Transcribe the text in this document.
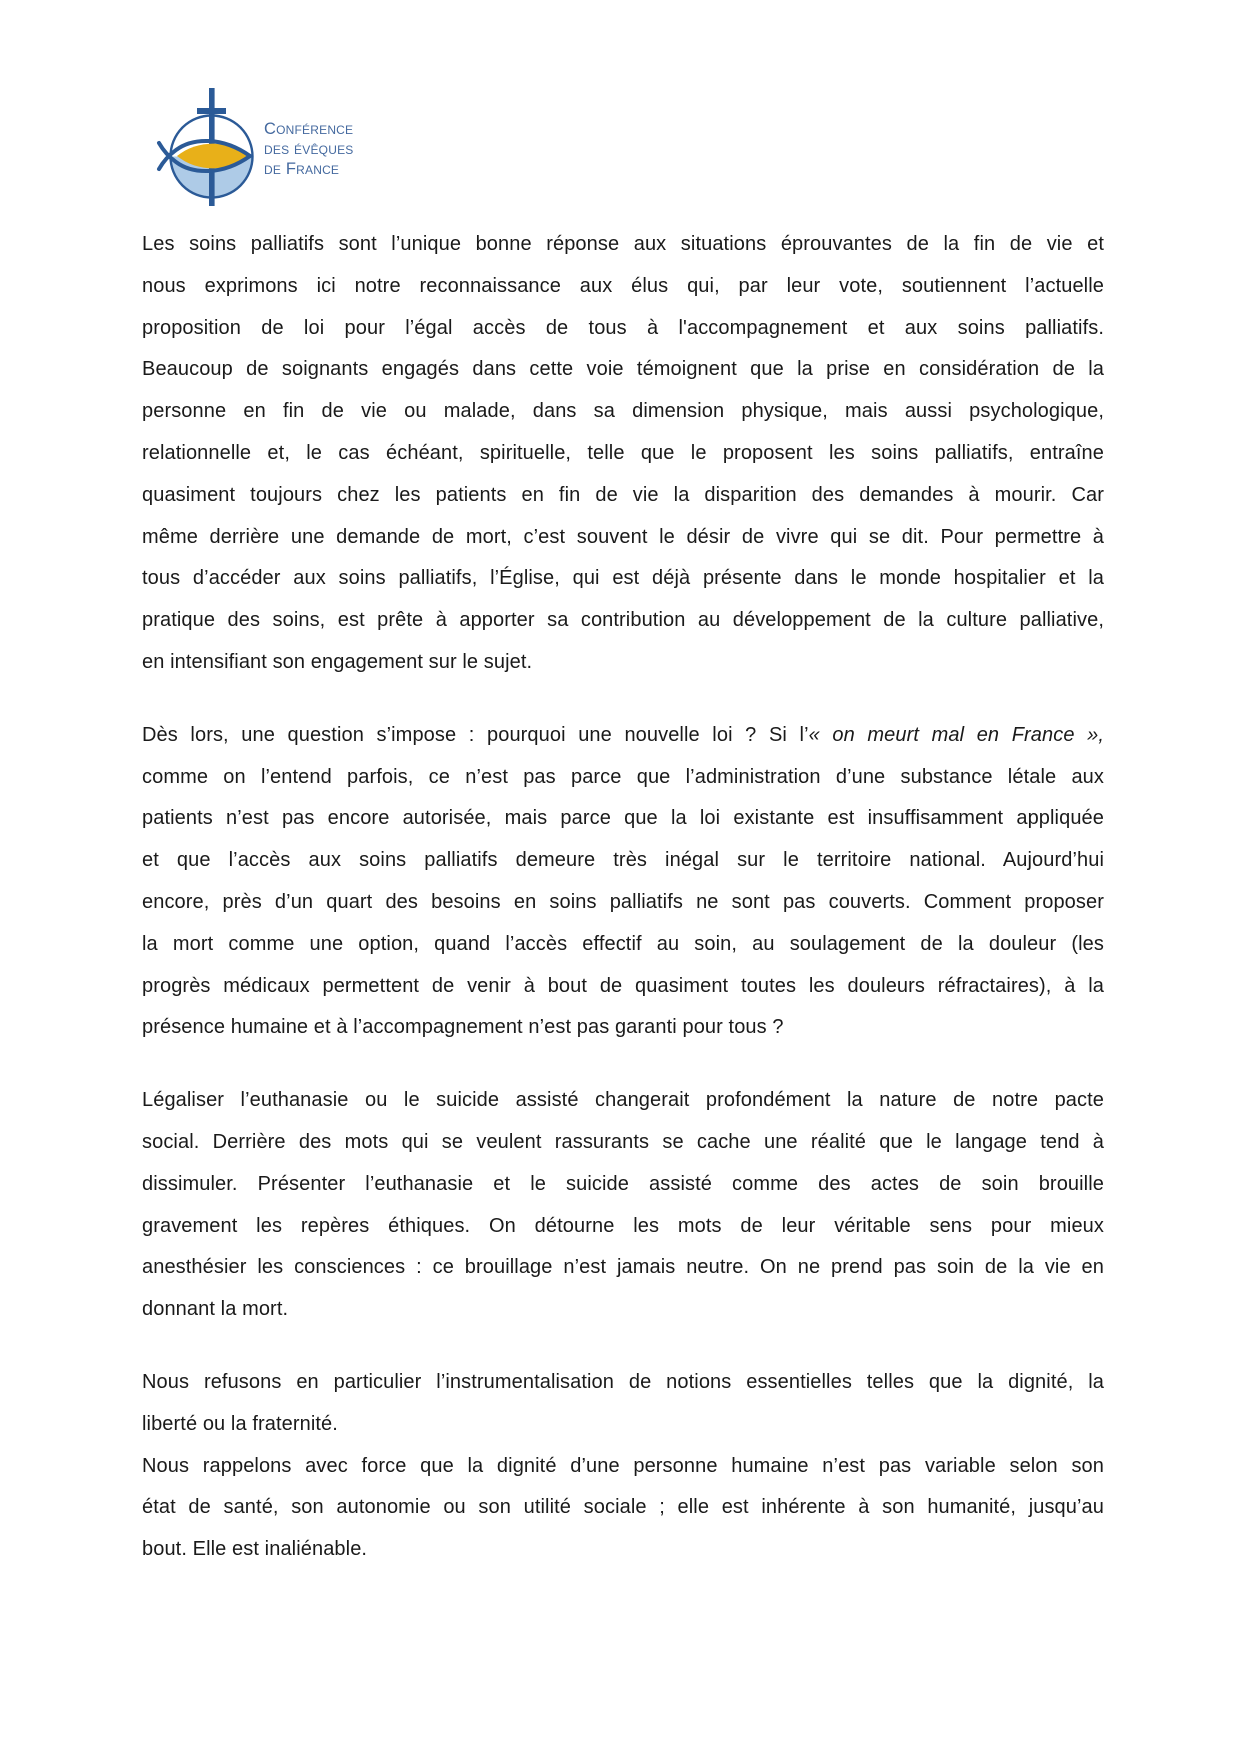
Conférence
des évêques
de France
Les soins palliatifs sont l’unique bonne réponse aux situations éprouvantes de la fin de vie et
nous exprimons ici notre reconnaissance aux élus qui, par leur vote, soutiennent l’actuelle
proposition de loi pour l’égal accès de tous à l'accompagnement et aux soins palliatifs.
Beaucoup de soignants engagés dans cette voie témoignent que la prise en considération de la
personne en fin de vie ou malade, dans sa dimension physique, mais aussi psychologique,
relationnelle et, le cas échéant, spirituelle, telle que le proposent les soins palliatifs, entraîne
quasiment toujours chez les patients en fin de vie la disparition des demandes à mourir. Car
même derrière une demande de mort, c’est souvent le désir de vivre qui se dit. Pour permettre à
tous d’accéder aux soins palliatifs, l’Église, qui est déjà présente dans le monde hospitalier et la
pratique des soins, est prête à apporter sa contribution au développement de la culture palliative,
en intensifiant son engagement sur le sujet.
Dès lors, une question s’impose : pourquoi une nouvelle loi ? Si l’« on meurt mal en France »,
comme on l’entend parfois, ce n’est pas parce que l’administration d’une substance létale aux
patients n’est pas encore autorisée, mais parce que la loi existante est insuffisamment appliquée
et que l’accès aux soins palliatifs demeure très inégal sur le territoire national. Aujourd’hui
encore, près d’un quart des besoins en soins palliatifs ne sont pas couverts. Comment proposer
la mort comme une option, quand l’accès effectif au soin, au soulagement de la douleur (les
progrès médicaux permettent de venir à bout de quasiment toutes les douleurs réfractaires), à la
présence humaine et à l’accompagnement n’est pas garanti pour tous ?
Légaliser l’euthanasie ou le suicide assisté changerait profondément la nature de notre pacte
social. Derrière des mots qui se veulent rassurants se cache une réalité que le langage tend à
dissimuler. Présenter l’euthanasie et le suicide assisté comme des actes de soin brouille
gravement les repères éthiques. On détourne les mots de leur véritable sens pour mieux
anesthésier les consciences : ce brouillage n’est jamais neutre. On ne prend pas soin de la vie en
donnant la mort.
Nous refusons en particulier l’instrumentalisation de notions essentielles telles que la dignité, la
liberté ou la fraternité.
Nous rappelons avec force que la dignité d’une personne humaine n’est pas variable selon son
état de santé, son autonomie ou son utilité sociale ; elle est inhérente à son humanité, jusqu’au
bout. Elle est inaliénable.
